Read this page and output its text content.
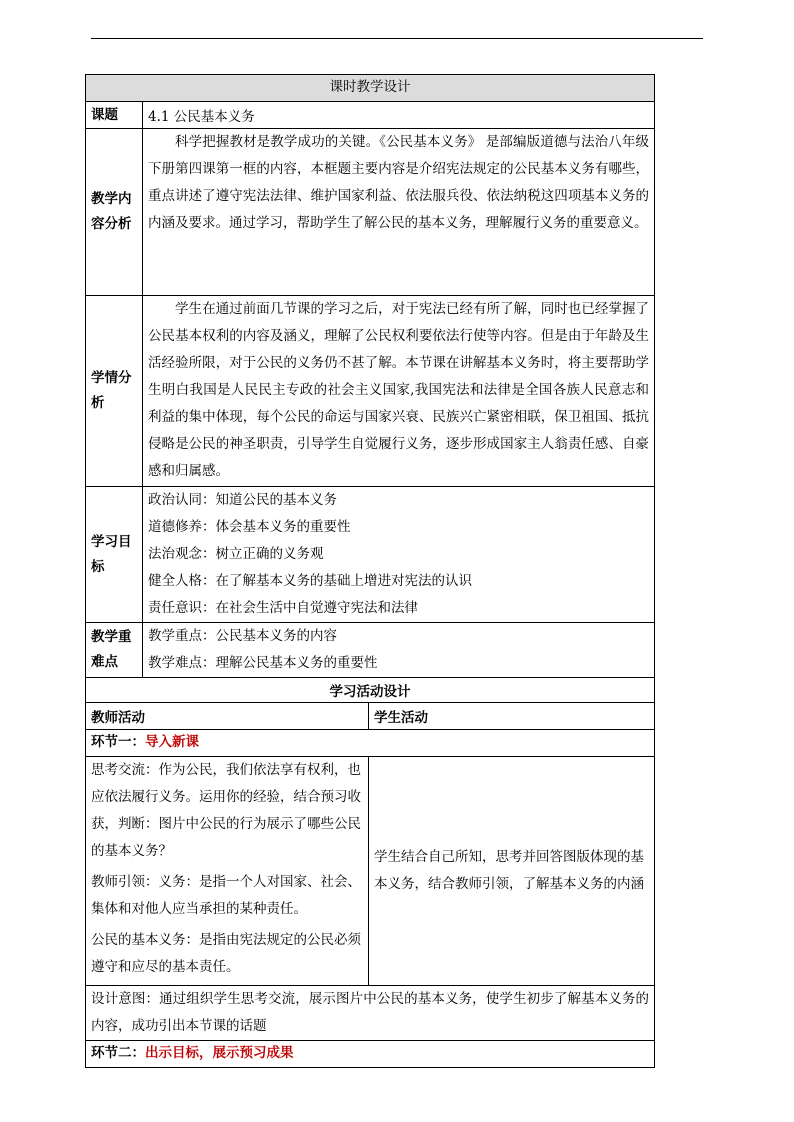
课时教学设计		
课题	4.1 公民基本义务	
教学内容分析	科学把握教材是教学成功的关键。《公民基本义务》 是部编版道德与法治八年级下册第四课第一框的内容，本框题主要内容是介绍宪法规定的公民基本义务有哪些，重点讲述了遵守宪法法律、维护国家利益、依法服兵役、依法纳税这四项基本义务的内涵及要求。通过学习，帮助学生了解公民的基本义务，理解履行义务的重要意义。	

学情分析	学生在通过前面几节课的学习之后，对于宪法已经有所了解，同时也已经掌握了公民基本权利的内容及涵义，理解了公民权利要依法行使等内容。但是由于年龄及生活经验所限，对于公民的义务仍不甚了解。本节课在讲解基本义务时，将主要帮助学生明白我国是人民民主专政的社会主义国家,我国宪法和法律是全国各族人民意志和利益的集中体现，每个公民的命运与国家兴衰、民族兴亡紧密相联，保卫祖国、抵抗侵略是公民的神圣职责，引导学生自觉履行义务，逐步形成国家主人翁责任感、自豪感和归属感。	

学习目标	政治认同：知道公民的基本义务
道德修养：体会基本义务的重要性
法治观念：树立正确的义务观
健全人格：在了解基本义务的基础上增进对宪法的认识
责任意识：在社会生活中自觉遵守宪法和法律	

教学重难点	教学重点：公民基本义务的内容
教学难点：理解公民基本义务的重要性	

学习活动设计		
教师活动		学生活动
环节一：导入新课		

思考交流：作为公民，我们依法享有权利，也应依法履行义务。运用你的经验，结合预习收获，判断：图片中公民的行为展示了哪些公民的基本义务？

教师引领：义务：是指一个人对国家、社会、集体和对他人应当承担的某种责任。

公民的基本义务：是指由宪法规定的公民必须遵守和应尽的基本责任。		学生结合自己所知，思考并回答图版体现的基本义务，结合教师引领，了解基本义务的内涵
设计意图：通过组织学生思考交流，展示图片中公民的基本义务，使学生初步了解基本义务的内容，成功引出本节课的话题		
环节二：出示目标，展示预习成果		
